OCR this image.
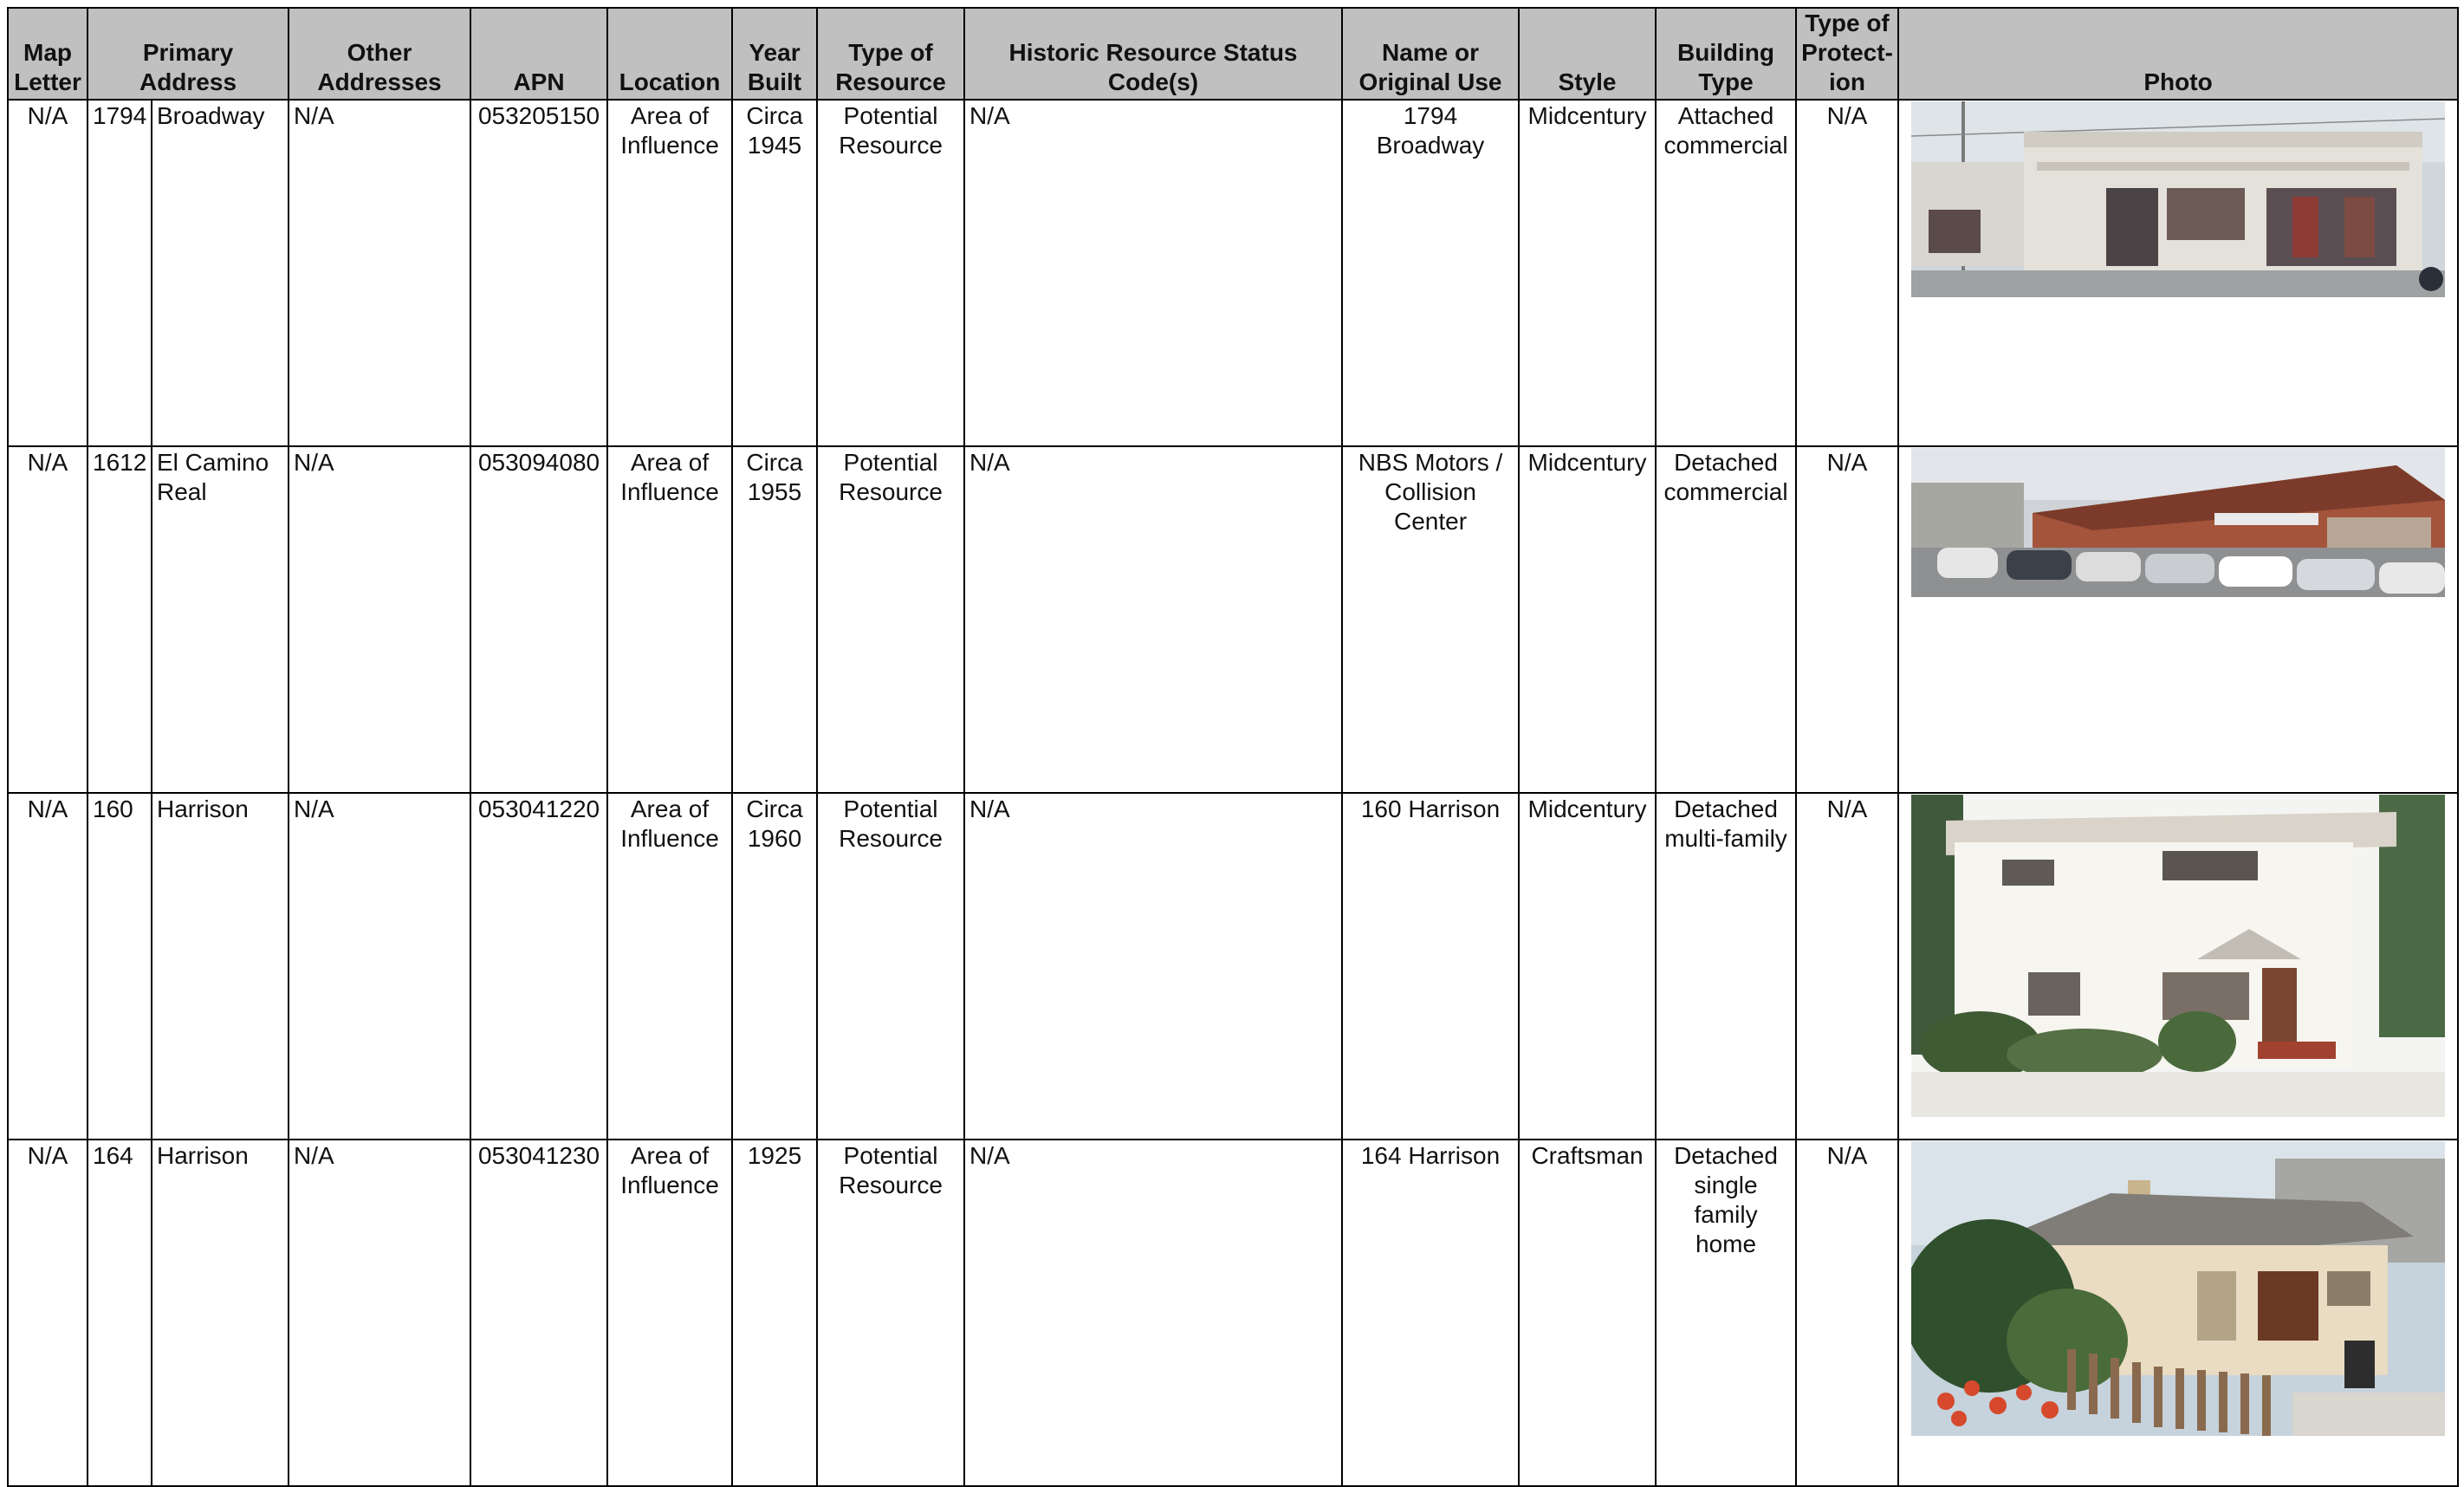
Map Letter	Primary Address		Other Addresses	APN	Location	Year Built	Type of Resource	Historic Resource Status Code(s)	Name or Original Use	Style	Building Type	Type of Protect-ion	Photo
N/A	1794	Broadway	N/A	053205150	Area of Influence	Circa 1945	Potential Resource	N/A	1794 Broadway	Midcentury	Attached commercial	N/A	

N/A	1612	El Camino Real	N/A	053094080	Area of Influence	Circa 1955	Potential Resource	N/A	NBS Motors / Collision Center	Midcentury	Detached commercial	N/A	

N/A	160	Harrison	N/A	053041220	Area of Influence	Circa 1960	Potential Resource	N/A	160 Harrison	Midcentury	Detached multi-family	N/A	

N/A	164	Harrison	N/A	053041230	Area of Influence	1925	Potential Resource	N/A	164 Harrison	Craftsman	Detached single family home	N/A	
